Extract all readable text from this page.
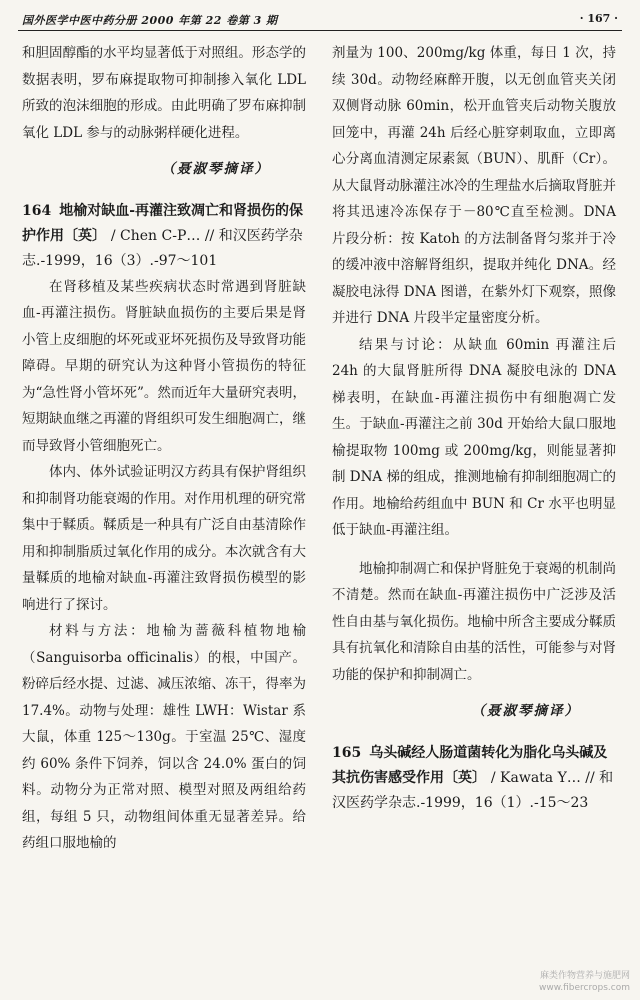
国外医学中医中药分册 2000 年第 22 卷第 3 期	· 167 ·

和胆固醇酯的水平均显著低于对照组。形态学的数据表明，罗布麻提取物可抑制掺入氧化 LDL 所致的泡沫细胞的形成。由此明确了罗布麻抑制氧化 LDL 参与的动脉粥样硬化进程。

（聂淑琴摘译）

164 地榆对缺血-再灌注致凋亡和肾损伤的保护作用〔英〕 / Chen C-P… // 和汉医药学杂志.-1999，16（3）.-97～101

在肾移植及某些疾病状态时常遇到肾脏缺血-再灌注损伤。肾脏缺血损伤的主要后果是肾小管上皮细胞的坏死或亚坏死损伤及导致肾功能障碍。早期的研究认为这种肾小管损伤的特征为“急性肾小管坏死”。然而近年大量研究表明，短期缺血继之再灌的肾组织可发生细胞凋亡，继而导致肾小管细胞死亡。

体内、体外试验证明汉方药具有保护肾组织和抑制肾功能衰竭的作用。对作用机理的研究常集中于鞣质。鞣质是一种具有广泛自由基清除作用和抑制脂质过氧化作用的成分。本次就含有大量鞣质的地榆对缺血-再灌注致肾损伤模型的影响进行了探讨。

材料与方法：地榆为蔷薇科植物地榆（Sanguisorba officinalis）的根，中国产。粉碎后经水提、过滤、减压浓缩、冻干，得率为 17.4%。动物与处理：雄性 LWH：Wistar 系大鼠，体重 125～130g。于室温 25℃、湿度约 60% 条件下饲养，饲以含 24.0% 蛋白的饲料。动物分为正常对照、模型对照及两组给药组，每组 5 只，动物组间体重无显著差异。给药组口服地榆的

剂量为 100、200mg/kg 体重，每日 1 次，持续 30d。动物经麻醉开腹，以无创血管夹关闭双侧肾动脉 60min，松开血管夹后动物关腹放回笼中，再灌 24h 后经心脏穿刺取血，立即离心分离血清测定尿素氮（BUN）、肌酐（Cr）。从大鼠肾动脉灌注冰冷的生理盐水后摘取肾脏并将其迅速冷冻保存于－80℃直至检测。DNA 片段分析：按 Katoh 的方法制备肾匀浆并于冷的缓冲液中溶解肾组织，提取并纯化 DNA。经凝胶电泳得 DNA 图谱，在紫外灯下观察，照像并进行 DNA 片段半定量密度分析。

结果与讨论：从缺血 60min 再灌注后 24h 的大鼠肾脏所得 DNA 凝胶电泳的 DNA 梯表明，在缺血-再灌注损伤中有细胞凋亡发生。于缺血-再灌注之前 30d 开始给大鼠口服地榆提取物 100mg 或 200mg/kg，则能显著抑制 DNA 梯的组成，推测地榆有抑制细胞凋亡的作用。地榆给药组血中 BUN 和 Cr 水平也明显低于缺血-再灌注组。

地榆抑制凋亡和保护肾脏免于衰竭的机制尚不清楚。然而在缺血-再灌注损伤中广泛涉及活性自由基与氧化损伤。地榆中所含主要成分鞣质具有抗氧化和清除自由基的活性，可能参与对肾功能的保护和抑制凋亡。

（聂淑琴摘译）

165 乌头碱经人肠道菌转化为脂化乌头碱及其抗伤害感受作用〔英〕 / Kawata Y… // 和汉医药学杂志.-1999，16（1）.-15～23

麻类作物营养与施肥网
www.fibercrops.com
